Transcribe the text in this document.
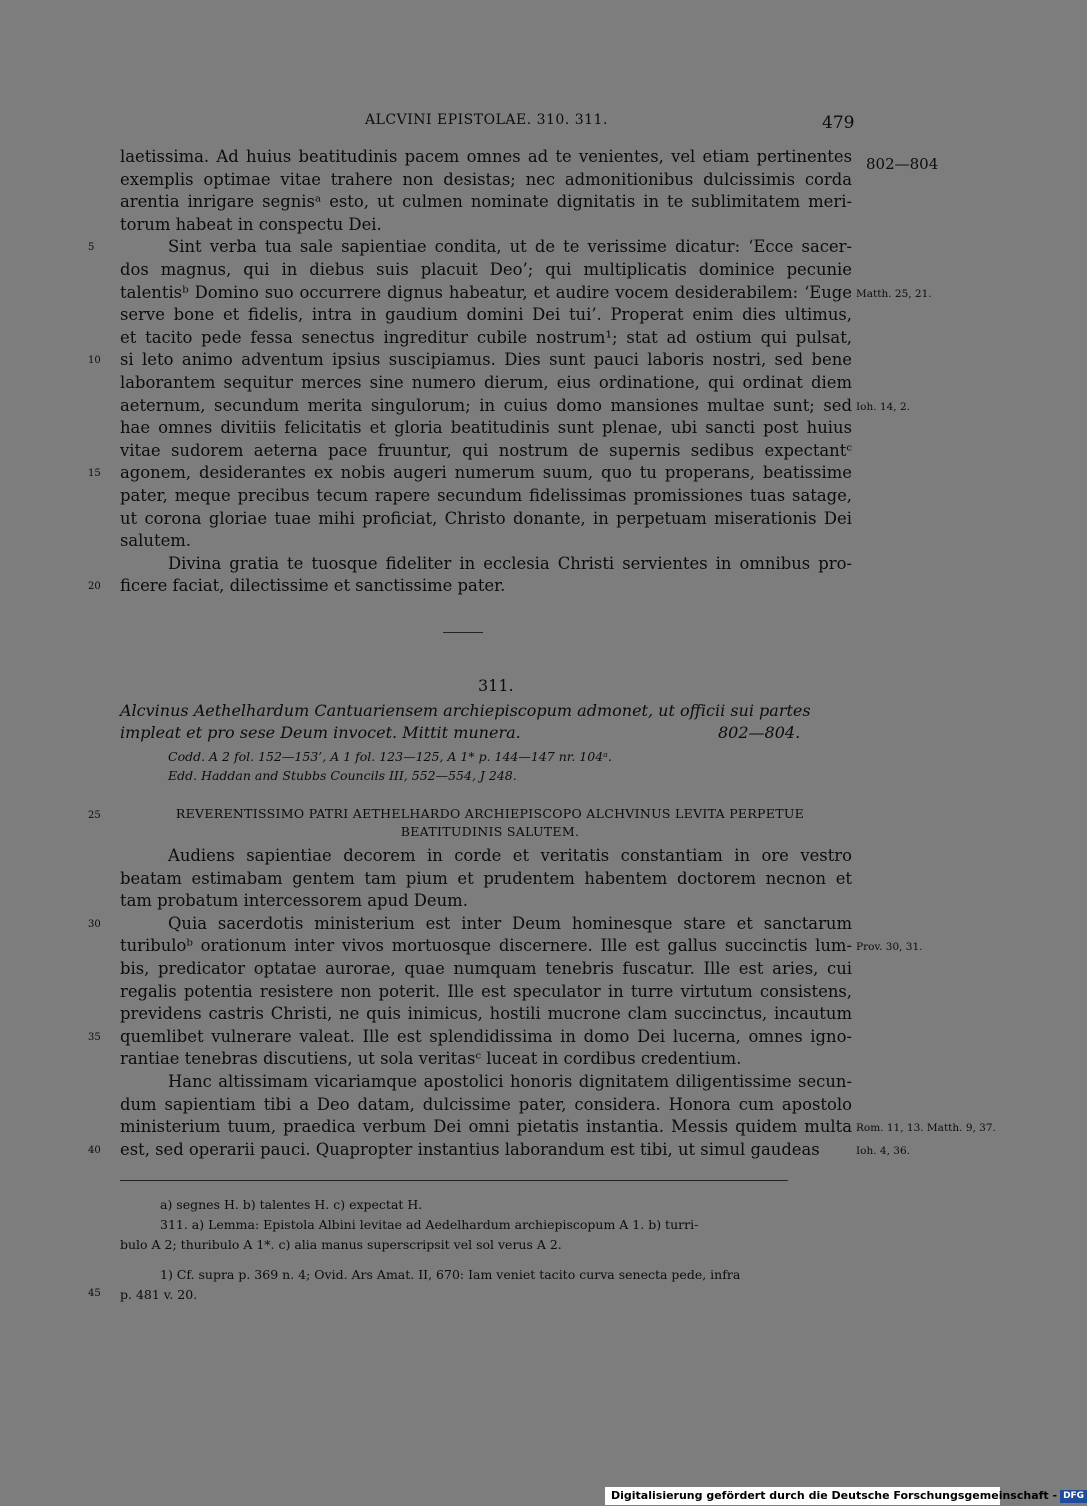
ALCVINI EPISTOLAE. 310. 311.	479
802—804
laetissima. Ad huius beatitudinis pacem omnes ad te venientes, vel etiam pertinentes
exemplis optimae vitae trahere non desistas; nec admonitionibus dulcissimis corda
arentia inrigare segnisᵃ esto, ut culmen nominate dignitatis in te sublimitatem meri-
torum habeat in conspectu Dei.
Sint verba tua sale sapientiae condita, ut de te verissime dicatur: ‘Ecce sacer-
5
dos magnus, qui in diebus suis placuit Deo’; qui multiplicatis dominice pecunie
talentisᵇ Domino suo occurrere dignus habeatur, et audire vocem desiderabilem: ‘Euge Matth. 25, 21.
serve bone et fidelis, intra in gaudium domini Dei tui’. Properat enim dies ultimus,
et tacito pede fessa senectus ingreditur cubile nostrum¹; stat ad ostium qui pulsat,
si leto animo adventum ipsius suscipiamus. Dies sunt pauci laboris nostri, sed bene
10
laborantem sequitur merces sine numero dierum, eius ordinatione, qui ordinat diem
aeternum, secundum merita singulorum; in cuius domo mansiones multae sunt; sed Ioh. 14, 2.
hae omnes divitiis felicitatis et gloria beatitudinis sunt plenae, ubi sancti post huius
vitae sudorem aeterna pace fruuntur, qui nostrum de supernis sedibus expectantᶜ
agonem, desiderantes ex nobis augeri numerum suum, quo tu properans, beatissime
15
pater, meque precibus tecum rapere secundum fidelissimas promissiones tuas satage,
ut corona gloriae tuae mihi proficiat, Christo donante, in perpetuam miserationis Dei
salutem.
Divina gratia te tuosque fideliter in ecclesia Christi servientes in omnibus pro-
ficere faciat, dilectissime et sanctissime pater.
20
311.
Alcvinus Aethelhardum Cantuariensem archiepiscopum admonet, ut officii sui partes
impleat et pro sese Deum invocet. Mittit munera.	802—804.
Codd. A 2 fol. 152—153’, A 1 fol. 123—125, A 1* p. 144—147 nr. 104ᵃ.
Edd. Haddan and Stubbs Councils III, 552—554, J 248.
25	REVERENTISSIMO PATRI AETHELHARDO ARCHIEPISCOPO ALCHVINUS LEVITA PERPETUE
BEATITUDINIS SALUTEM.
Audiens sapientiae decorem in corde et veritatis constantiam in ore vestro
beatam estimabam gentem tam pium et prudentem habentem doctorem necnon et
tam probatum intercessorem apud Deum.
Quia sacerdotis ministerium est inter Deum hominesque stare et sanctarum
30
turibuloᵇ orationum inter vivos mortuosque discernere. Ille est gallus succinctis lum- Prov. 30, 31.
bis, predicator optatae aurorae, quae numquam tenebris fuscatur. Ille est aries, cui
regalis potentia resistere non poterit. Ille est speculator in turre virtutum consistens,
previdens castris Christi, ne quis inimicus, hostili mucrone clam succinctus, incautum
quemlibet vulnerare valeat. Ille est splendidissima in domo Dei lucerna, omnes igno-
35
rantiae tenebras discutiens, ut sola veritasᶜ luceat in cordibus credentium.
Hanc altissimam vicariamque apostolici honoris dignitatem diligentissime secun-
dum sapientiam tibi a Deo datam, dulcissime pater, considera. Honora cum apostolo
ministerium tuum, praedica verbum Dei omni pietatis instantia. Messis quidem multa Rom. 11, 13. Matth. 9, 37.
est, sed operarii pauci. Quapropter instantius laborandum est tibi, ut simul gaudeas
40	Ioh. 4, 36.
a) segnes H. b) talentes H. c) expectat H.
311. a) Lemma: Epistola Albini levitae ad Aedelhardum archiepiscopum A 1. b) turri-
bulo A 2; thuribulo A 1*. c) alia manus superscripsit vel sol verus A 2.
1) Cf. supra p. 369 n. 4; Ovid. Ars Amat. II, 670: Iam veniet tacito curva senecta pede, infra
p. 481 v. 20.
45
Digitalisierung gefördert durch die Deutsche Forschungsgemeinschaft - DFG
